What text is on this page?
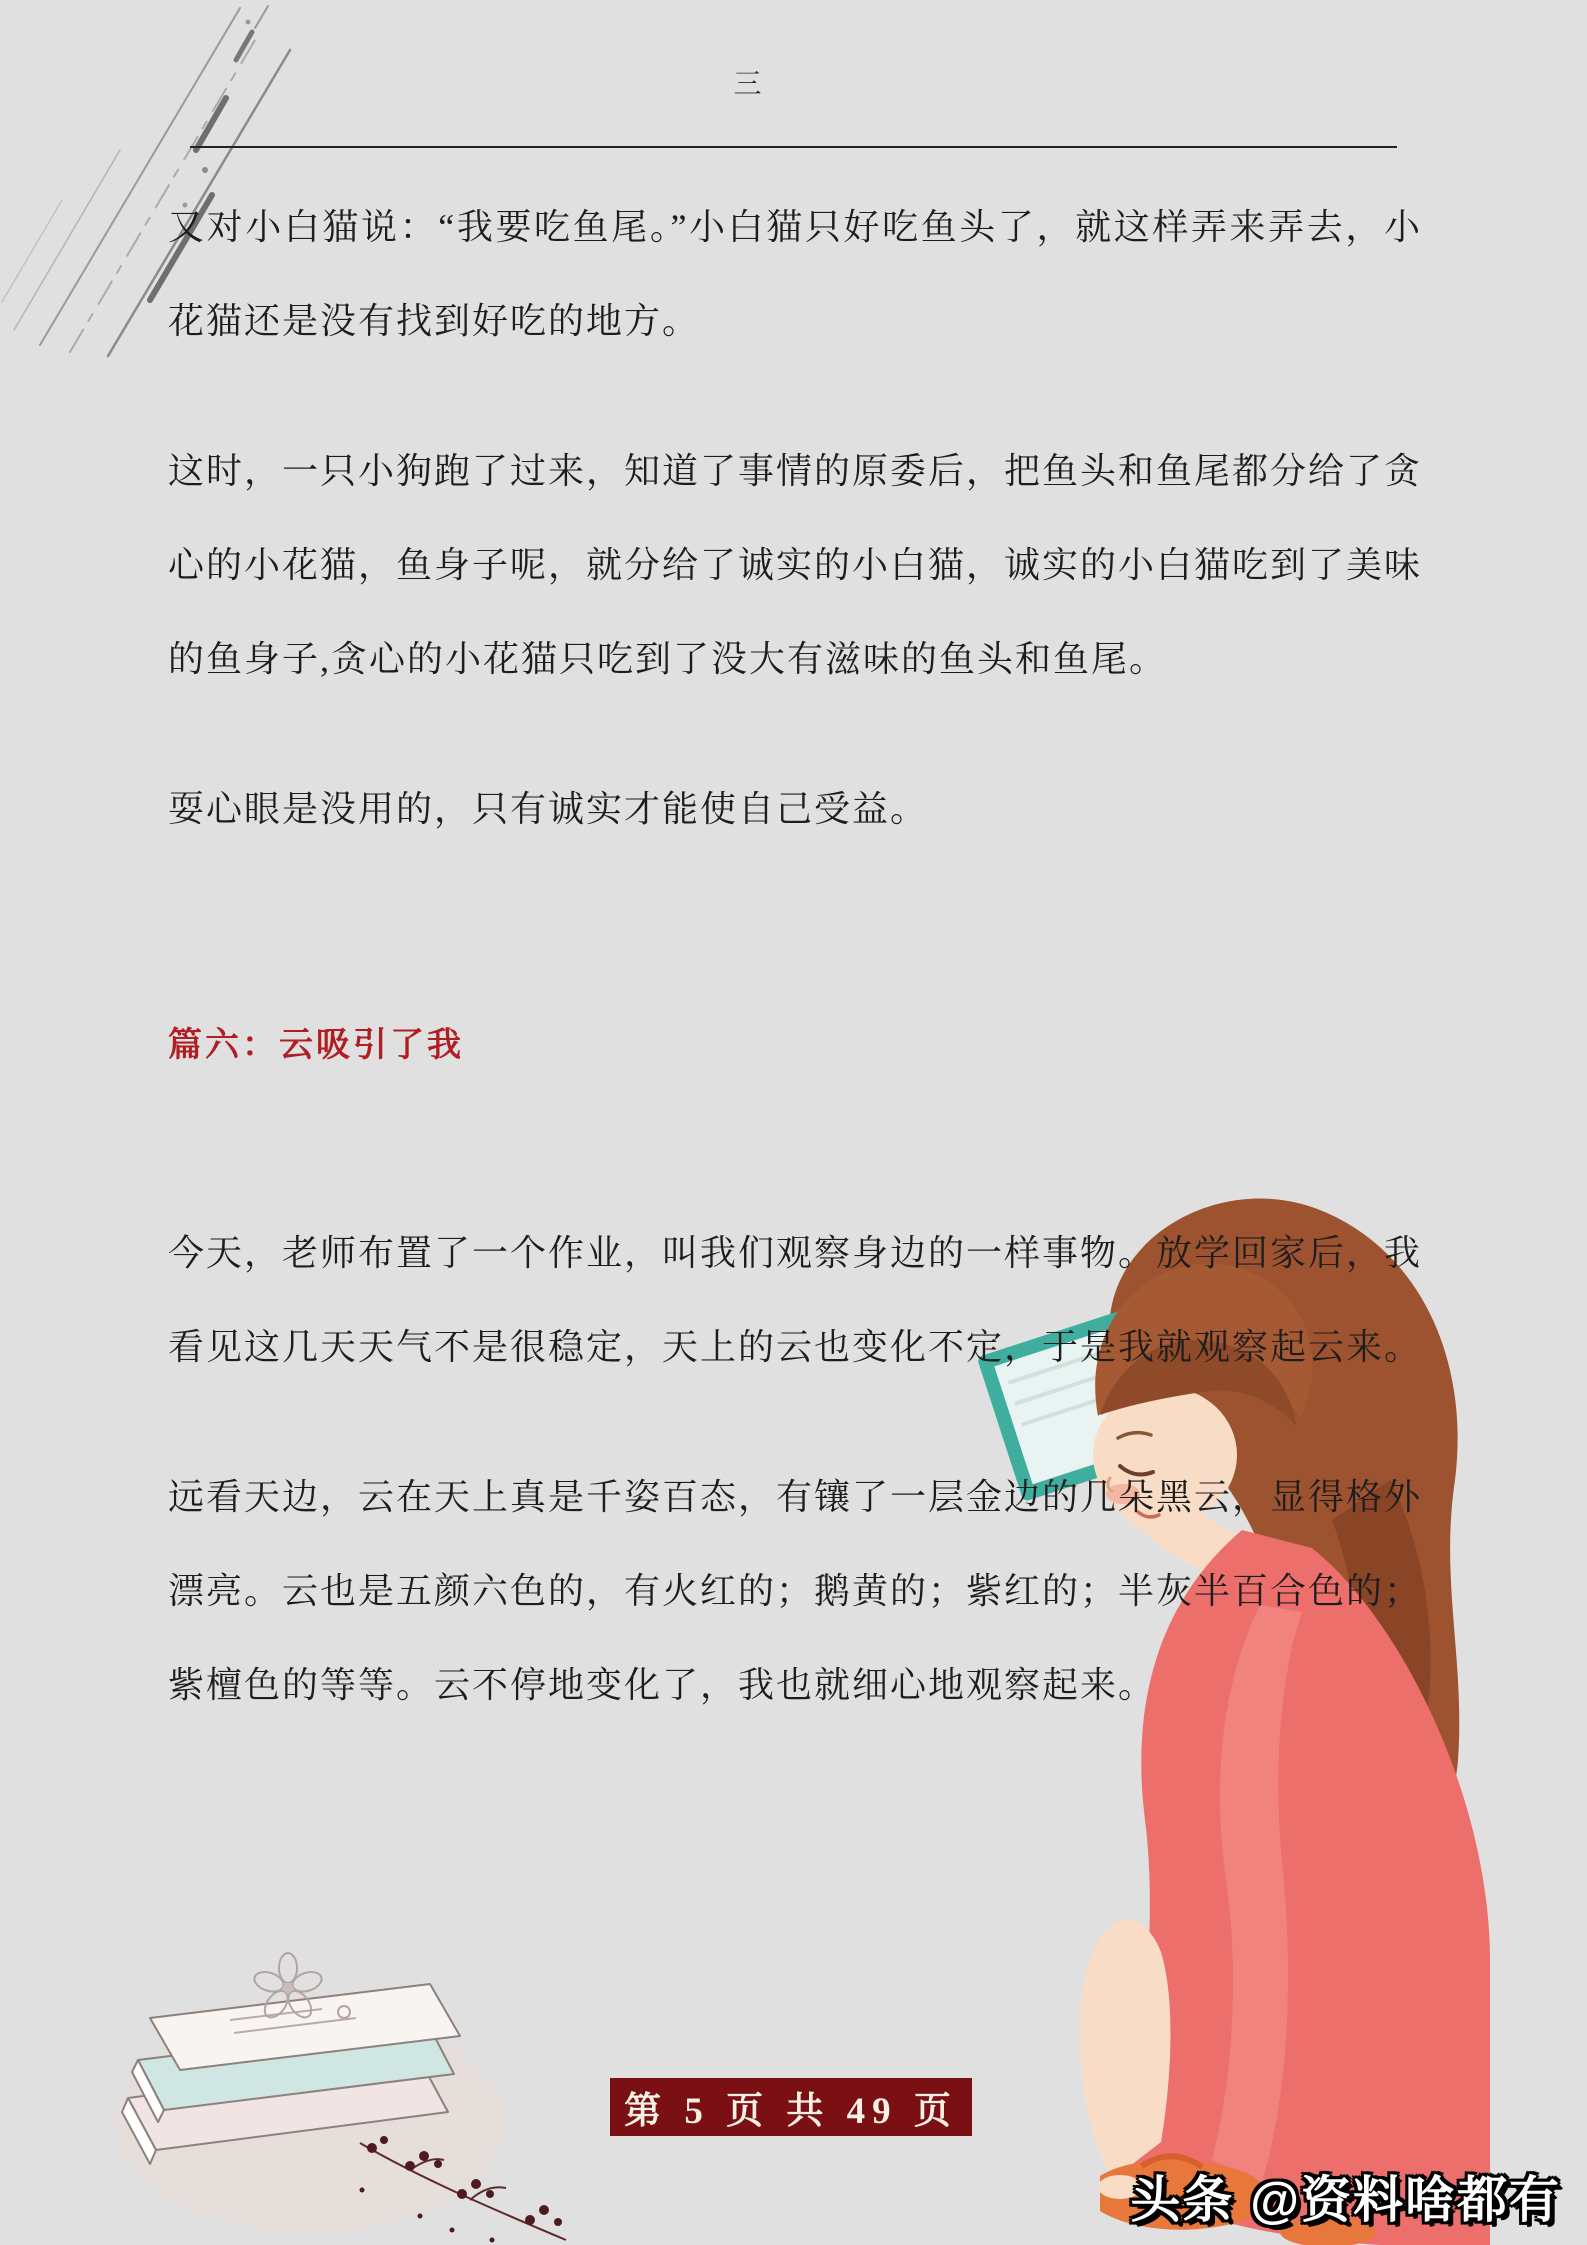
三

又对小白猫说：“我要吃鱼尾。”小白猫只好吃鱼头了，就这样弄来弄去，小花猫还是没有找到好吃的地方。

这时，一只小狗跑了过来，知道了事情的原委后，把鱼头和鱼尾都分给了贪心的小花猫，鱼身子呢，就分给了诚实的小白猫，诚实的小白猫吃到了美味的鱼身子,贪心的小花猫只吃到了没大有滋味的鱼头和鱼尾。

耍心眼是没用的，只有诚实才能使自己受益。

篇六：云吸引了我

今天，老师布置了一个作业，叫我们观察身边的一样事物。放学回家后，我看见这几天天气不是很稳定，天上的云也变化不定，于是我就观察起云来。

远看天边，云在天上真是千姿百态，有镶了一层金边的几朵黑云，显得格外漂亮。云也是五颜六色的，有火红的；鹅黄的；紫红的；半灰半百合色的；紫檀色的等等。云不停地变化了，我也就细心地观察起来。

第 5 页 共 49 页
头条 @资料啥都有
